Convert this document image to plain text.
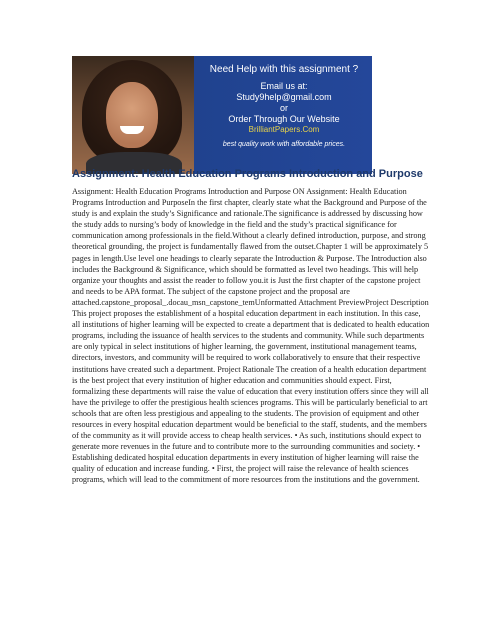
Need Help with this assignment ?
Email us at:
Study9help@gmail.com
or
Order Through Our Website
BrilliantPapers.Com
best quality work with affordable prices.
Assignment: Health Education Programs Introduction and Purpose
Assignment: Health Education Programs Introduction and Purpose ON Assignment: Health Education Programs Introduction and PurposeIn the first chapter, clearly state what the Background and Purpose of the study is and explain the study’s Significance and rationale.The significance is addressed by discussing how the study adds to nursing’s body of knowledge in the field and the study’s practical significance for communication among professionals in the field.Without a clearly defined introduction, purpose, and strong theoretical grounding, the project is fundamentally flawed from the outset.Chapter 1 will be approximately 5 pages in length.Use level one headings to clearly separate the Introduction & Purpose. The Introduction also includes the Background & Significance, which should be formatted as level two headings. This will help organize your thoughts and assist the reader to follow you.it is Just the first chapter of the capstone project and needs to be APA format. The subject of the capstone project and the proposal are attached.capstone_proposal_.docau_msn_capstone_temUnformatted Attachment PreviewProject Description This project proposes the establishment of a hospital education department in each institution. In this case, all institutions of higher learning will be expected to create a department that is dedicated to health education programs, including the issuance of health services to the students and community. While such departments are only typical in select institutions of higher learning, the government, institutional management teams, directors, investors, and community will be required to work collaboratively to ensure that their respective institutions have created such a department. Project Rationale The creation of a health education department is the best project that every institution of higher education and communities should expect. First, formalizing these departments will raise the value of education that every institution offers since they will all have the privilege to offer the prestigious health sciences programs. This will be particularly beneficial to art schools that are often less prestigious and appealing to the students. The provision of equipment and other resources in every hospital education department would be beneficial to the staff, students, and the members of the community as it will provide access to cheap health services. • As such, institutions should expect to generate more revenues in the future and to contribute more to the surrounding communities and society. • Establishing dedicated hospital education departments in every institution of higher learning will raise the quality of education and increase funding. • First, the project will raise the relevance of health sciences programs, which will lead to the commitment of more resources from the institutions and the government.
